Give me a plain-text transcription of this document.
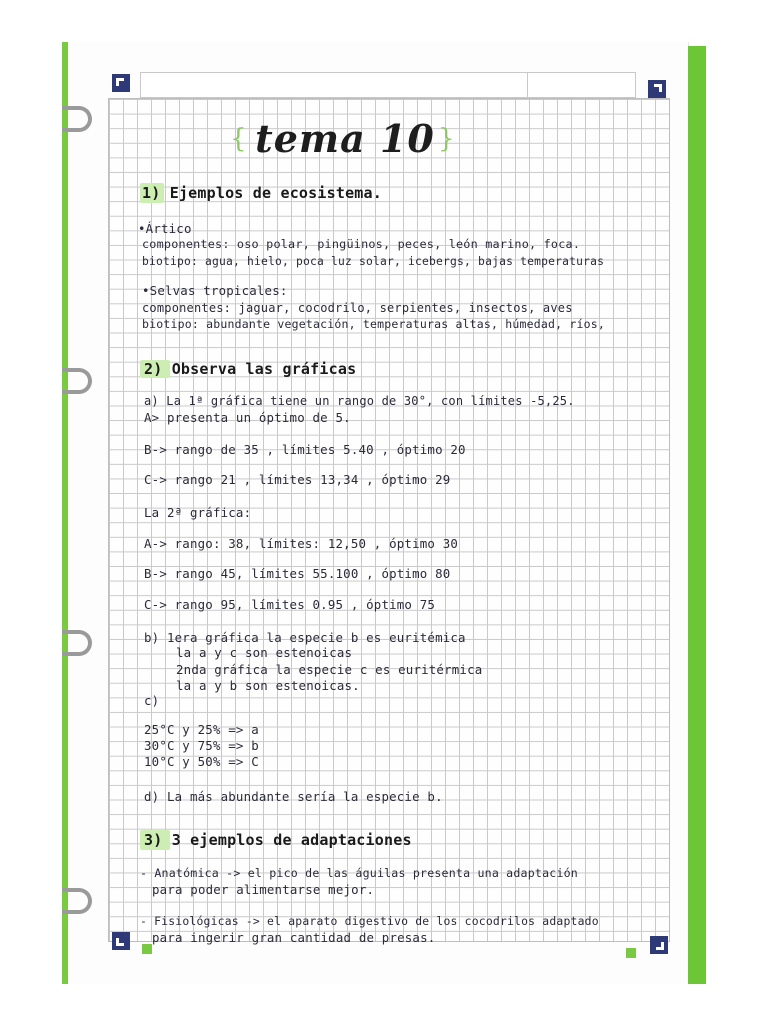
{ tema 10 }
1) Ejemplos de ecosistema.
•Ártico
componentes: oso polar, pingüinos, peces, león marino, foca.
biotipo: agua, hielo, poca luz solar, icebergs, bajas temperaturas
•Selvas tropicales:
componentes: jaguar, cocodrilo, serpientes, insectos, aves
biotipo: abundante vegetación, temperaturas altas, húmedad, ríos,
2) Observa las gráficas
a) La 1ª gráfica tiene un rango de 30°, con límites -5,25.
A> presenta un óptimo de 5.
B-> rango de 35 , límites 5.40 , óptimo 20
C-> rango 21 , límites 13,34 , óptimo 29
La 2ª gráfica:
A-> rango: 38, límites: 12,50 , óptimo 30
B-> rango 45, límites 55.100 , óptimo 80
C-> rango 95, límites 0.95 , óptimo 75
b) 1era gráfica la especie b es euritémica
la a y c son estenoicas
2nda gráfica la especie c es euritérmica
la a y b son estenoicas.
c)
25°C y 25% => a
30°C y 75% => b
10°C y 50% => C
d) La más abundante sería la especie b.
3) 3 ejemplos de adaptaciones
- Anatómica -> el pico de las águilas presenta una adaptación
para poder alimentarse mejor.
- Fisiológicas -> el aparato digestivo de los cocodrilos adaptado
para ingerir gran cantidad de presas.
